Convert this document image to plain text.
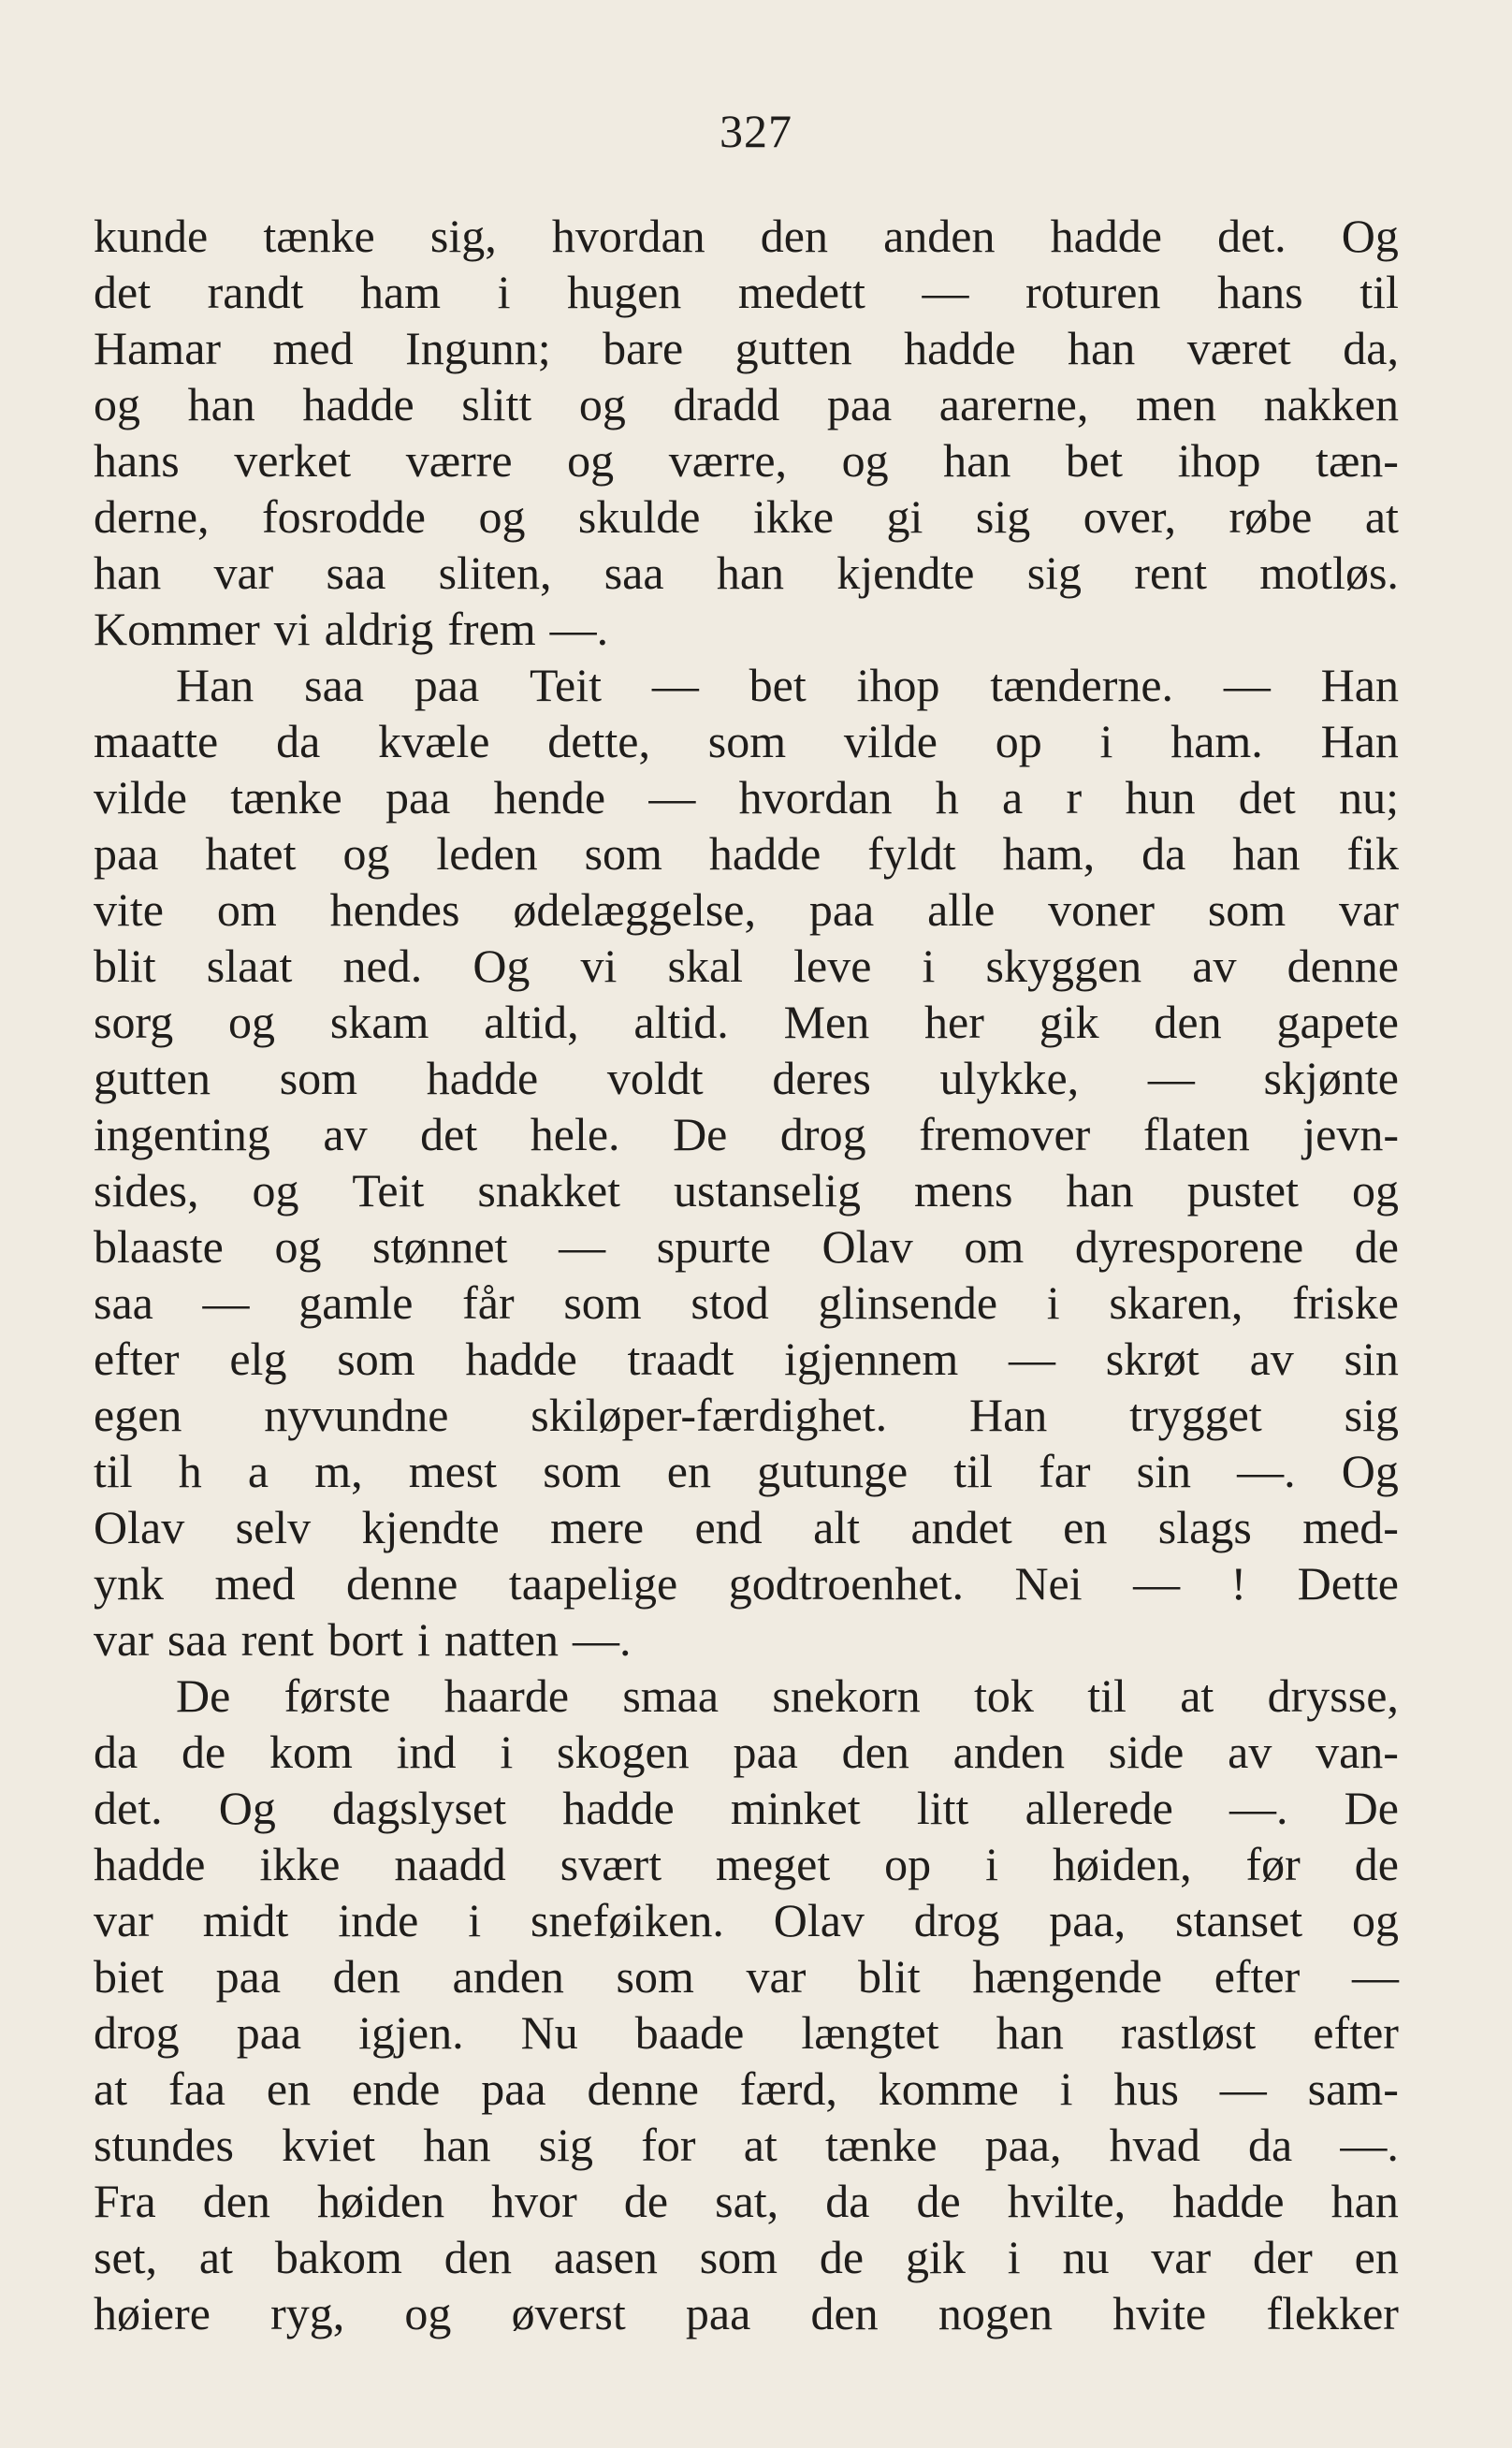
327
kunde tænke sig, hvordan den anden hadde det. Og
det randt ham i hugen medett — roturen hans til
Hamar med Ingunn; bare gutten hadde han været da,
og han hadde slitt og dradd paa aarerne, men nakken
hans verket værre og værre, og han bet ihop tæn-
derne, fosrodde og skulde ikke gi sig over, røbe at
han var saa sliten, saa han kjendte sig rent motløs.
Kommer vi aldrig frem —.
Han saa paa Teit — bet ihop tænderne. — Han
maatte da kvæle dette, som vilde op i ham. Han
vilde tænke paa hende — hvordan h a r hun det nu;
paa hatet og leden som hadde fyldt ham, da han fik
vite om hendes ødelæggelse, paa alle voner som var
blit slaat ned. Og vi skal leve i skyggen av denne
sorg og skam altid, altid. Men her gik den gapete
gutten som hadde voldt deres ulykke, — skjønte
ingenting av det hele. De drog fremover flaten jevn-
sides, og Teit snakket ustanselig mens han pustet og
blaaste og stønnet — spurte Olav om dyresporene de
saa — gamle får som stod glinsende i skaren, friske
efter elg som hadde traadt igjennem — skrøt av sin
egen nyvundne skiløper-færdighet. Han trygget sig
til h a m, mest som en gutunge til far sin —. Og
Olav selv kjendte mere end alt andet en slags med-
ynk med denne taapelige godtroenhet. Nei — ! Dette
var saa rent bort i natten —.
De første haarde smaa snekorn tok til at drysse,
da de kom ind i skogen paa den anden side av van-
det. Og dagslyset hadde minket litt allerede —. De
hadde ikke naadd svært meget op i høiden, før de
var midt inde i sneføiken. Olav drog paa, stanset og
biet paa den anden som var blit hængende efter —
drog paa igjen. Nu baade længtet han rastløst efter
at faa en ende paa denne færd, komme i hus — sam-
stundes kviet han sig for at tænke paa, hvad da —.
Fra den høiden hvor de sat, da de hvilte, hadde han
set, at bakom den aasen som de gik i nu var der en
høiere ryg, og øverst paa den nogen hvite flekker
